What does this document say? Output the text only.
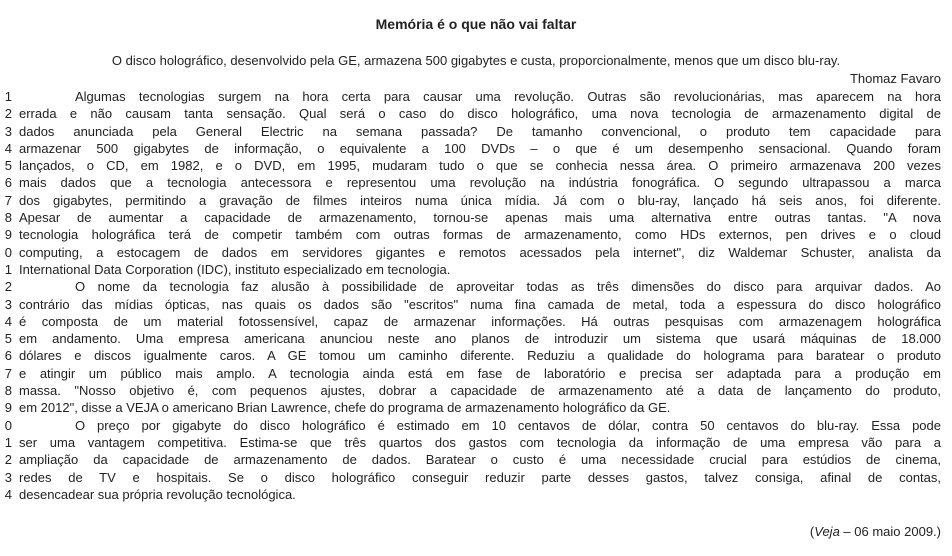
Memória é o que não vai faltar
O disco holográfico, desenvolvido pela GE, armazena 500 gigabytes e custa, proporcionalmente, menos que um disco blu-ray.
Thomaz Favaro
1	Algumas tecnologias surgem na hora certa para causar uma revolução. Outras são revolucionárias, mas aparecem na hora
2 errada e não causam tanta sensação. Qual será o caso do disco holográfico, uma nova tecnologia de armazenamento digital de
3 dados anunciada pela General Electric na semana passada? De tamanho convencional, o produto tem capacidade para
4 armazenar 500 gigabytes de informação, o equivalente a 100 DVDs – o que é um desempenho sensacional. Quando foram
5 lançados, o CD, em 1982, e o DVD, em 1995, mudaram tudo o que se conhecia nessa área. O primeiro armazenava 200 vezes
6 mais dados que a tecnologia antecessora e representou uma revolução na indústria fonográfica. O segundo ultrapassou a marca
7 dos gigabytes, permitindo a gravação de filmes inteiros numa única mídia. Já com o blu-ray, lançado há seis anos, foi diferente.
8 Apesar de aumentar a capacidade de armazenamento, tornou-se apenas mais uma alternativa entre outras tantas. "A nova
9 tecnologia holográfica terá de competir também com outras formas de armazenamento, como HDs externos, pen drives e o cloud
0 computing, a estocagem de dados em servidores gigantes e remotos acessados pela internet", diz Waldemar Schuster, analista da
1 International Data Corporation (IDC), instituto especializado em tecnologia.
2	O nome da tecnologia faz alusão à possibilidade de aproveitar todas as três dimensões do disco para arquivar dados. Ao
3 contrário das mídias ópticas, nas quais os dados são "escritos" numa fina camada de metal, toda a espessura do disco holográfico
4 é composta de um material fotossensível, capaz de armazenar informações. Há outras pesquisas com armazenagem holográfica
5 em andamento. Uma empresa americana anunciou neste ano planos de introduzir um sistema que usará máquinas de 18.000
6 dólares e discos igualmente caros. A GE tomou um caminho diferente. Reduziu a qualidade do holograma para baratear o produto
7 e atingir um público mais amplo. A tecnologia ainda está em fase de laboratório e precisa ser adaptada para a produção em
8 massa. "Nosso objetivo é, com pequenos ajustes, dobrar a capacidade de armazenamento até a data de lançamento do produto,
9 em 2012", disse a VEJA o americano Brian Lawrence, chefe do programa de armazenamento holográfico da GE.
0	O preço por gigabyte do disco holográfico é estimado em 10 centavos de dólar, contra 50 centavos do blu-ray. Essa pode
1 ser uma vantagem competitiva. Estima-se que três quartos dos gastos com tecnologia da informação de uma empresa vão para a
2 ampliação da capacidade de armazenamento de dados. Baratear o custo é uma necessidade crucial para estúdios de cinema,
3 redes de TV e hospitais. Se o disco holográfico conseguir reduzir parte desses gastos, talvez consiga, afinal de contas,
4 desencadear sua própria revolução tecnológica.
(Veja – 06 maio 2009.)
